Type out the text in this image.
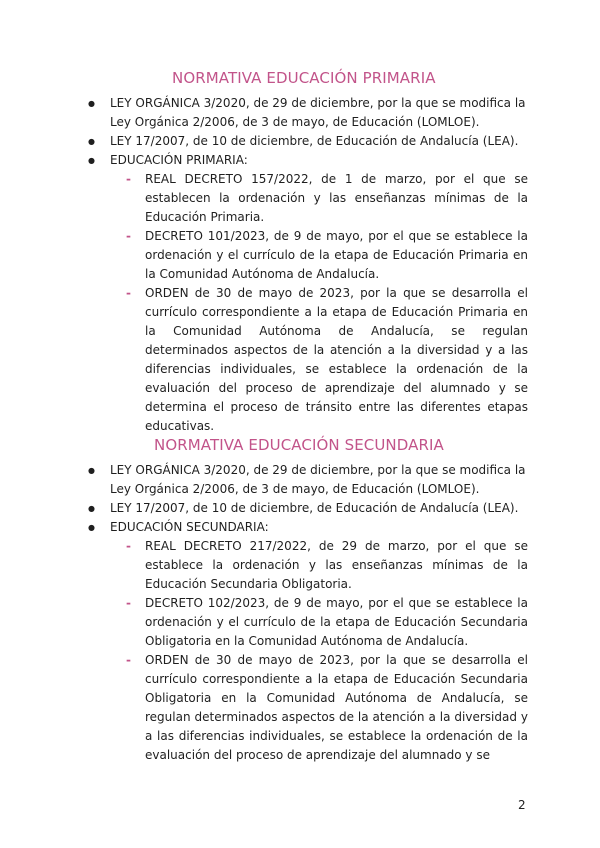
NORMATIVA EDUCACIÓN PRIMARIA
● LEY ORGÁNICA 3/2020, de 29 de diciembre, por la que se modifica la Ley Orgánica 2/2006, de 3 de mayo, de Educación (LOMLOE).
● LEY 17/2007, de 10 de diciembre, de Educación de Andalucía (LEA).
● EDUCACIÓN PRIMARIA:
- REAL DECRETO 157/2022, de 1 de marzo, por el que se establecen la ordenación y las enseñanzas mínimas de la Educación Primaria.
- DECRETO 101/2023, de 9 de mayo, por el que se establece la ordenación y el currículo de la etapa de Educación Primaria en la Comunidad Autónoma de Andalucía.
- ORDEN de 30 de mayo de 2023, por la que se desarrolla el currículo correspondiente a la etapa de Educación Primaria en la Comunidad Autónoma de Andalucía, se regulan determinados aspectos de la atención a la diversidad y a las diferencias individuales, se establece la ordenación de la evaluación del proceso de aprendizaje del alumnado y se determina el proceso de tránsito entre las diferentes etapas educativas.
NORMATIVA EDUCACIÓN SECUNDARIA
● LEY ORGÁNICA 3/2020, de 29 de diciembre, por la que se modifica la Ley Orgánica 2/2006, de 3 de mayo, de Educación (LOMLOE).
● LEY 17/2007, de 10 de diciembre, de Educación de Andalucía (LEA).
● EDUCACIÓN SECUNDARIA:
- REAL DECRETO 217/2022, de 29 de marzo, por el que se establece la ordenación y las enseñanzas mínimas de la Educación Secundaria Obligatoria.
- DECRETO 102/2023, de 9 de mayo, por el que se establece la ordenación y el currículo de la etapa de Educación Secundaria Obligatoria en la Comunidad Autónoma de Andalucía.
- ORDEN de 30 de mayo de 2023, por la que se desarrolla el currículo correspondiente a la etapa de Educación Secundaria Obligatoria en la Comunidad Autónoma de Andalucía, se regulan determinados aspectos de la atención a la diversidad y a las diferencias individuales, se establece la ordenación de la evaluación del proceso de aprendizaje del alumnado y se
2
